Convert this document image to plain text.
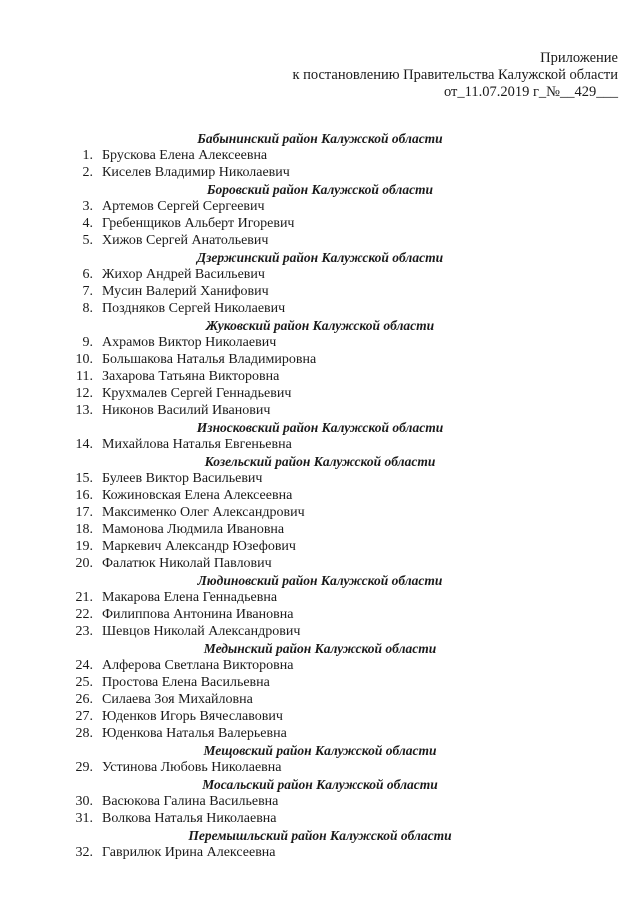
Приложение
к постановлению Правительства Калужской области
от_11.07.2019 г_№__429___
Бабынинский район Калужской области
1. Брускова Елена Алексеевна
2. Киселев Владимир Николаевич
Боровский район Калужской области
3. Артемов Сергей Сергеевич
4. Гребенщиков Альберт Игоревич
5. Хижов Сергей Анатольевич
Дзержинский район Калужской области
6. Жихор Андрей Васильевич
7. Мусин Валерий Ханифович
8. Поздняков Сергей Николаевич
Жуковский район Калужской области
9. Ахрамов Виктор Николаевич
10. Большакова Наталья Владимировна
11. Захарова Татьяна Викторовна
12. Крухмалев Сергей Геннадьевич
13. Никонов Василий Иванович
Износковский район Калужской области
14. Михайлова Наталья Евгеньевна
Козельский район Калужской области
15. Булеев Виктор Васильевич
16. Кожиновская Елена Алексеевна
17. Максименко Олег Александрович
18. Мамонова Людмила Ивановна
19. Маркевич Александр Юзефович
20. Фалатюк Николай Павлович
Людиновский район Калужской области
21. Макарова Елена Геннадьевна
22. Филиппова Антонина Ивановна
23. Шевцов Николай Александрович
Медынский район Калужской области
24. Алферова Светлана Викторовна
25. Простова Елена Васильевна
26. Силаева Зоя Михайловна
27. Юденков Игорь Вячеславович
28. Юденкова Наталья Валерьевна
Мещовский район Калужской области
29. Устинова Любовь Николаевна
Мосальский район Калужской области
30. Васюкова Галина Васильевна
31. Волкова Наталья Николаевна
Перемышльский район Калужской области
32. Гаврилюк Ирина Алексеевна
